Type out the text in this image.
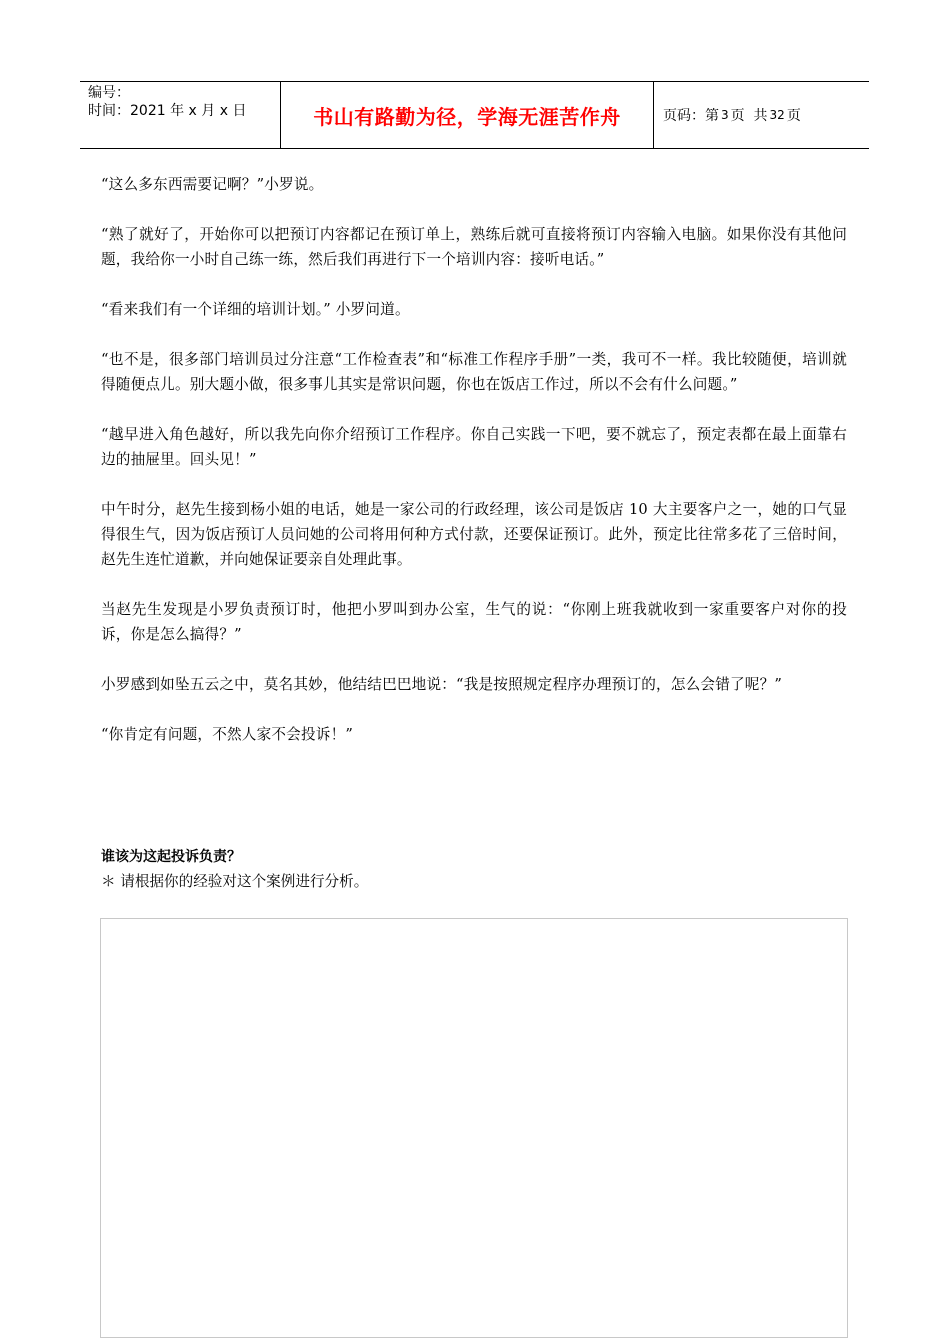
编号：
时间：2021 年 x 月 x 日	书山有路勤为径，学海无涯苦作舟	页码：第 3 页  共 32 页

“这么多东西需要记啊？”小罗说。

“熟了就好了，开始你可以把预订内容都记在预订单上，熟练后就可直接将预订内容输入电脑。如果你没有其他问题，我给你一小时自己练一练，然后我们再进行下一个培训内容：接听电话。”

“看来我们有一个详细的培训计划。” 小罗问道。

“也不是，很多部门培训员过分注意“工作检查表”和“标准工作程序手册”一类，我可不一样。我比较随便，培训就得随便点儿。别大题小做，很多事儿其实是常识问题，你也在饭店工作过，所以不会有什么问题。”

“越早进入角色越好，所以我先向你介绍预订工作程序。你自己实践一下吧，要不就忘了，预定表都在最上面靠右边的抽屉里。回头见！”

中午时分，赵先生接到杨小姐的电话，她是一家公司的行政经理，该公司是饭店 10 大主要客户之一，她的口气显得很生气，因为饭店预订人员问她的公司将用何种方式付款，还要保证预订。此外，预定比往常多花了三倍时间，赵先生连忙道歉，并向她保证要亲自处理此事。

当赵先生发现是小罗负责预订时，他把小罗叫到办公室，生气的说：“你刚上班我就收到一家重要客户对你的投诉，你是怎么搞得？”

小罗感到如坠五云之中，莫名其妙，他结结巴巴地说：“我是按照规定程序办理预订的，怎么会错了呢？”

“你肯定有问题，不然人家不会投诉！”

谁该为这起投诉负责？
＊ 请根据你的经验对这个案例进行分析。
